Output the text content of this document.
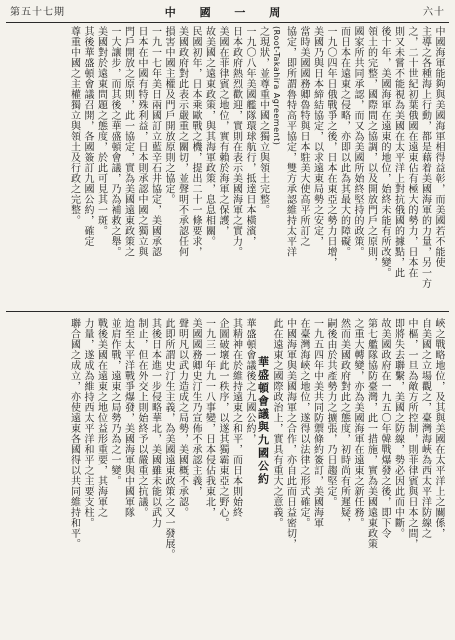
第五十七期	中 國 一 周	六十
中國海軍能夠與美國海軍相得益彰，而美國若不能使
主導之各種海上行動，都是藉着美國海軍的力量，另一方
之，二十世紀初葉俄國在遠東佔有極大的勢力，日本在
則又未嘗不能視為美國在太平洋上對抗俄國的據點，此
後十年，美國海軍在遠東的地位，始終未能有所改變。
領土的完整，國際間之協調，以及開放門戶之原則，
國家所共同承認，而又為美國所始終堅持的政策。
而日本在遠東之侵略，亦即以此為其最大的障礙。
一九〇四年日俄戰爭之後，日本在東亞之勢力日增，
美國乃與日本締結協定，以求遠東局勢之安定，
當時美國國務卿魯特與日本駐美大使高平所訂之
協定，即所謂魯特高平協定，雙方承認維持太平洋
(Root-Takahira Agreement)
之現狀，並尊重中國之獨立與領土完整。
一九〇八年美國艦隊環球航行，抵達日本橫濱，
日本政府熱烈歡迎，實則在表示美國海軍之實力。
美國在菲律賓之地位，實有賴於海軍之保護，
故美國之遠東政策，與其海軍政策，息息相關。
民國初年，日本乘歐戰之機，提出二十一條要求，
美國政府對此表示嚴重之關切，並聲明不承認任何
損害中國主權及門戶開放原則之協定。
一九一七年美日兩國訂立藍辛石井協定，美國承認
日本在中國有特殊利益，日本則承認中國之獨立與
門戶開放之原則，此一協定，實為美國遠東政策之
一大讓步，而其後之華盛頓會議，乃為補救之舉。
美國對於遠東問題之態度，於此可見其一斑。
其後華盛頓會議召開，各國簽訂九國公約，確定
尊重中國之主權獨立與領土及行政之完整。
峽之戰略地位，及其與美國在太平洋上之關係，
自美國之立場觀之，臺灣海峽為西太平洋防線之
中樞，一旦為敵方所控制，則菲律賓與日本之間，
即將失去聯繫，美國之防線，勢必因此而中斷。
故美國政府在一九五〇年韓戰爆發之後，即下令
第七艦隊協防臺灣，此一措施，實為美國遠東政策
之重大轉變，亦為美國海軍在遠東之新任務。
然而美國政府對此之態度，初時尚有所遲疑，
嗣後由於共產勢力之擴張，乃日趨堅定。
一九五四年中美共同防禦條約簽訂，美國海軍
在臺灣海峽之地位，遂得以法律之形式確定。
中國海軍與美國海軍之合作，亦自此而日益密切，
此在遠東之國際政治上，實具有重大之意義。
華盛頓會議與九國公約
華盛頓會議後之九國公約，
其精神在於維持遠東之和平，而日本則始終
企圖破壞此一秩序，以遂其獨霸東亞之野心。
一九三一年九一八事變，日本侵佔我東北，
美國國務卿史汀生乃宣佈不承認主義，
聲明凡以武力造成之局勢，美國概不承認。
此即所謂史汀生主義，為美國遠東政策之又一發展。
其後日本進一步侵略華北，美國雖未能以武力
制止，但在外交上則始終予以嚴重之抗議。
迨至太平洋戰爭爆發，美國海軍與中國軍隊
並肩作戰，遠東之局勢乃為之一變。
戰後美國在遠東之地位益形重要，其海軍之
力量，遂成為維持西太平洋和平之主要支柱。
聯合國之成立，亦使遠東各國得以共同維持和平。
